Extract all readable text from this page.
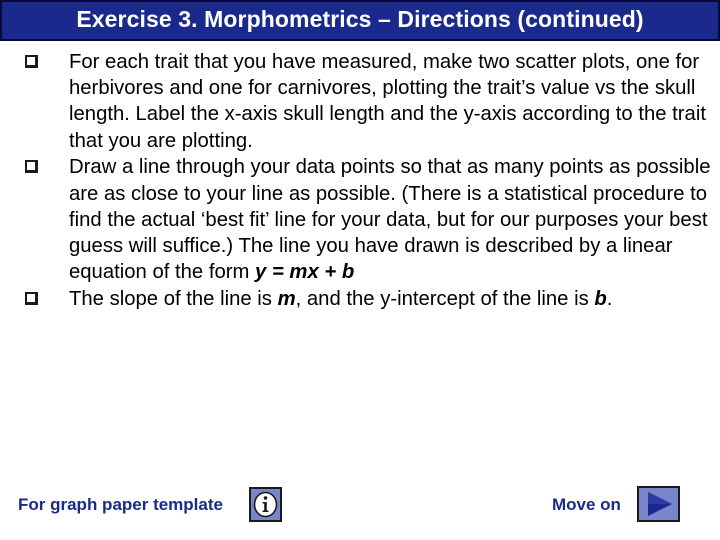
Exercise 3. Morphometrics – Directions (continued)
For each trait that you have measured, make two scatter plots, one for herbivores and one for carnivores, plotting the trait’s value vs the skull length. Label the x-axis skull length and the y-axis according to the trait that you are plotting.
Draw a line through your data points so that as many points as possible are as close to your line as possible. (There is a statistical procedure to find the actual ‘best fit’ line for your data, but for our purposes your best guess will suffice.) The line you have drawn is described by a linear equation of the form y = mx + b
The slope of the line is m, and the y-intercept of the line is b.
For graph paper template	Move on
